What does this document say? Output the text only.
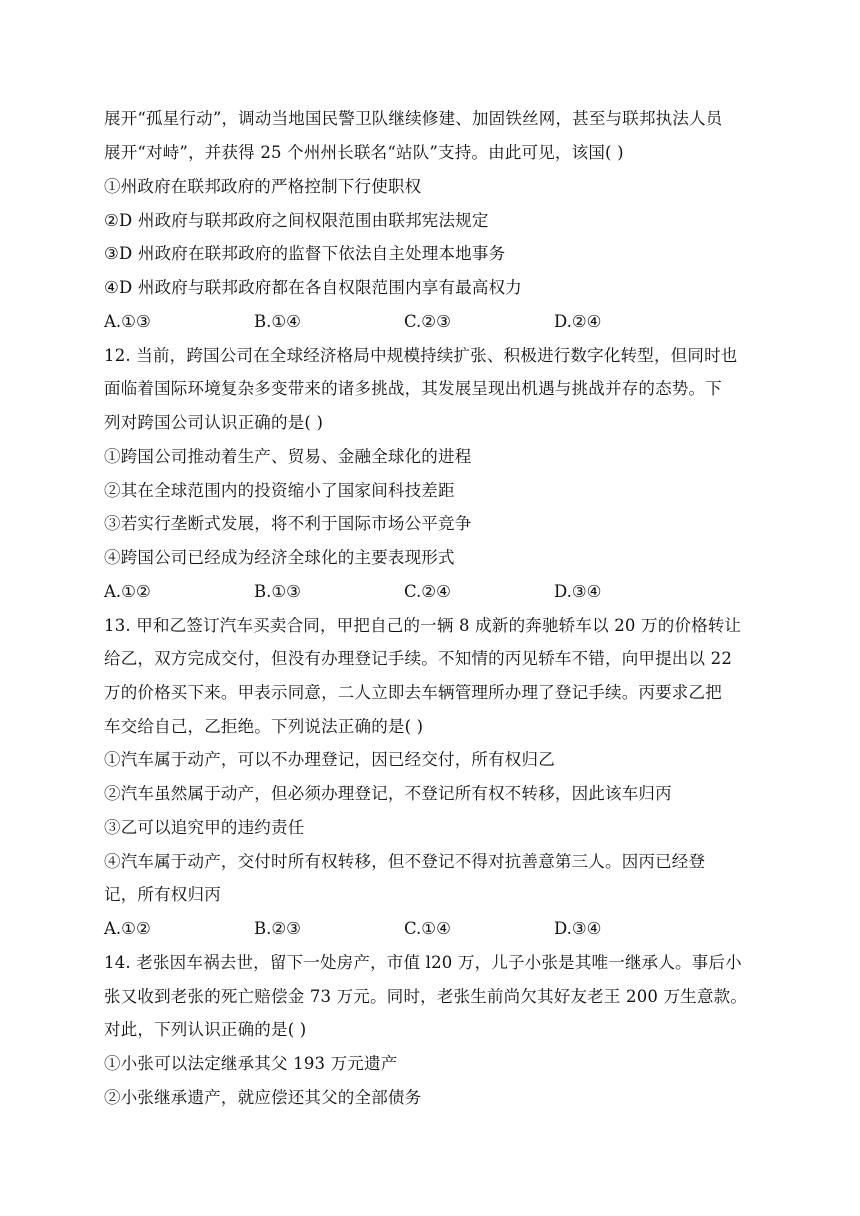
展开“孤星行动”，调动当地国民警卫队继续修建、加固铁丝网，甚至与联邦执法人员
展开“对峙”，并获得 25 个州州长联名“站队”支持。由此可见，该国( )
①州政府在联邦政府的严格控制下行使职权
②D 州政府与联邦政府之间权限范围由联邦宪法规定
③D 州政府在联邦政府的监督下依法自主处理本地事务
④D 州政府与联邦政府都在各自权限范围内享有最高权力
A.①③	B.①④	C.②③	D.②④
12. 当前，跨国公司在全球经济格局中规模持续扩张、积极进行数字化转型，但同时也
面临着国际环境复杂多变带来的诸多挑战，其发展呈现出机遇与挑战并存的态势。下
列对跨国公司认识正确的是( )
①跨国公司推动着生产、贸易、金融全球化的进程
②其在全球范围内的投资缩小了国家间科技差距
③若实行垄断式发展，将不利于国际市场公平竞争
④跨国公司已经成为经济全球化的主要表现形式
A.①②	B.①③	C.②④	D.③④
13. 甲和乙签订汽车买卖合同，甲把自己的一辆 8 成新的奔驰轿车以 20 万的价格转让
给乙，双方完成交付，但没有办理登记手续。不知情的丙见轿车不错，向甲提出以 22
万的价格买下来。甲表示同意，二人立即去车辆管理所办理了登记手续。丙要求乙把
车交给自己，乙拒绝。下列说法正确的是( )
①汽车属于动产，可以不办理登记，因已经交付，所有权归乙
②汽车虽然属于动产，但必须办理登记，不登记所有权不转移，因此该车归丙
③乙可以追究甲的违约责任
④汽车属于动产，交付时所有权转移，但不登记不得对抗善意第三人。因丙已经登
记，所有权归丙
A.①②	B.②③	C.①④	D.③④
14. 老张因车祸去世，留下一处房产，市值 l20 万，儿子小张是其唯一继承人。事后小
张又收到老张的死亡赔偿金 73 万元。同时，老张生前尚欠其好友老王 200 万生意款。
对此，下列认识正确的是( )
①小张可以法定继承其父 193 万元遗产
②小张继承遗产，就应偿还其父的全部债务
